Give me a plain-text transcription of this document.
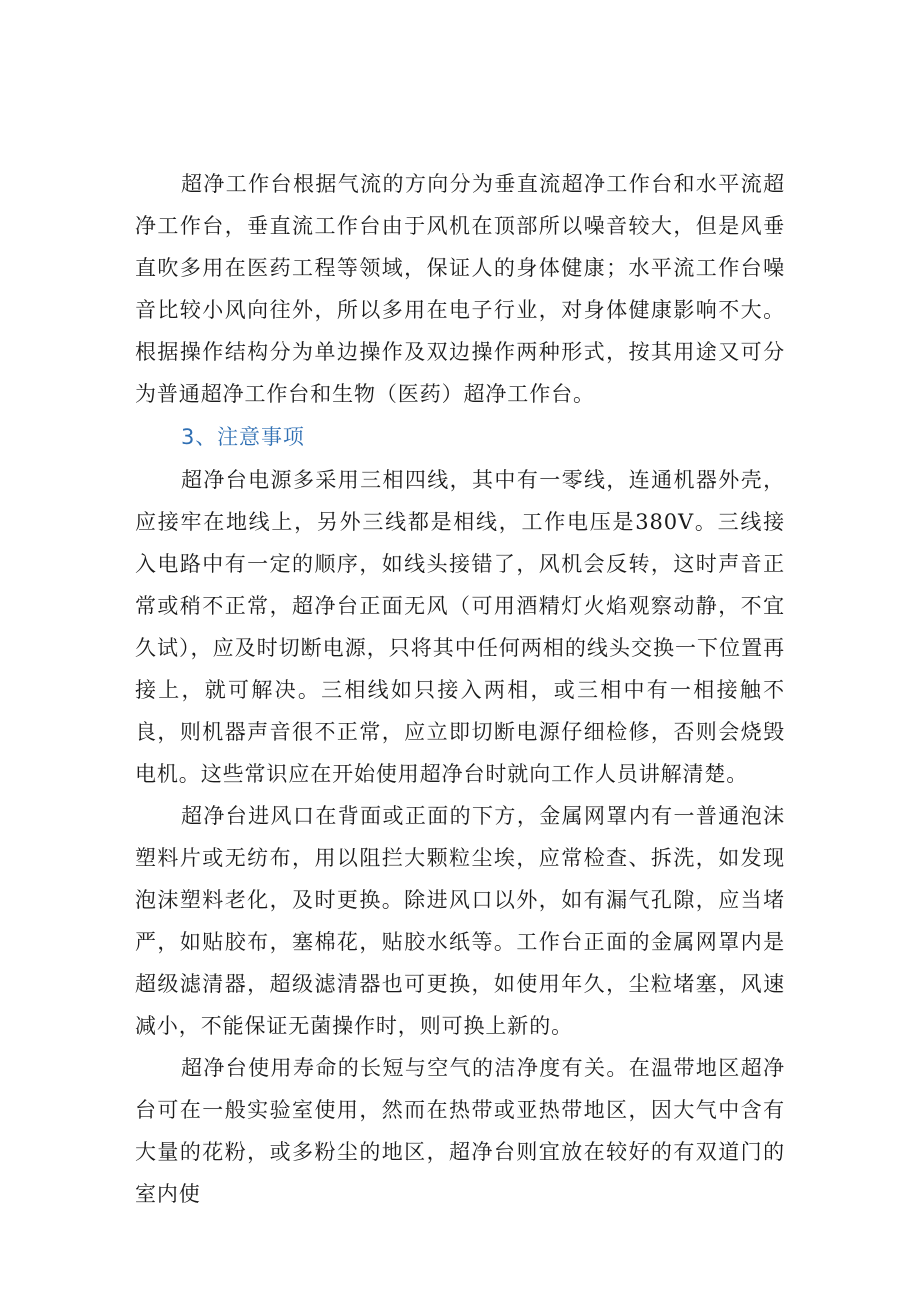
超净工作台根据气流的方向分为垂直流超净工作台和水平流超净工作台，垂直流工作台由于风机在顶部所以噪音较大，但是风垂直吹多用在医药工程等领域，保证人的身体健康；水平流工作台噪音比较小风向往外，所以多用在电子行业，对身体健康影响不大。根据操作结构分为单边操作及双边操作两种形式，按其用途又可分为普通超净工作台和生物（医药）超净工作台。

3、注意事项

超净台电源多采用三相四线，其中有一零线，连通机器外壳，应接牢在地线上，另外三线都是相线，工作电压是380V。三线接入电路中有一定的顺序，如线头接错了，风机会反转，这时声音正常或稍不正常，超净台正面无风（可用酒精灯火焰观察动静，不宜久试），应及时切断电源，只将其中任何两相的线头交换一下位置再接上，就可解决。三相线如只接入两相，或三相中有一相接触不良，则机器声音很不正常，应立即切断电源仔细检修，否则会烧毁电机。这些常识应在开始使用超净台时就向工作人员讲解清楚。

超净台进风口在背面或正面的下方，金属网罩内有一普通泡沫塑料片或无纺布，用以阻拦大颗粒尘埃，应常检查、拆洗，如发现泡沫塑料老化，及时更换。除进风口以外，如有漏气孔隙，应当堵严，如贴胶布，塞棉花，贴胶水纸等。工作台正面的金属网罩内是超级滤清器，超级滤清器也可更换，如使用年久，尘粒堵塞，风速减小，不能保证无菌操作时，则可换上新的。

超净台使用寿命的长短与空气的洁净度有关。在温带地区超净台可在一般实验室使用，然而在热带或亚热带地区，因大气中含有大量的花粉，或多粉尘的地区，超净台则宜放在较好的有双道门的室内使
